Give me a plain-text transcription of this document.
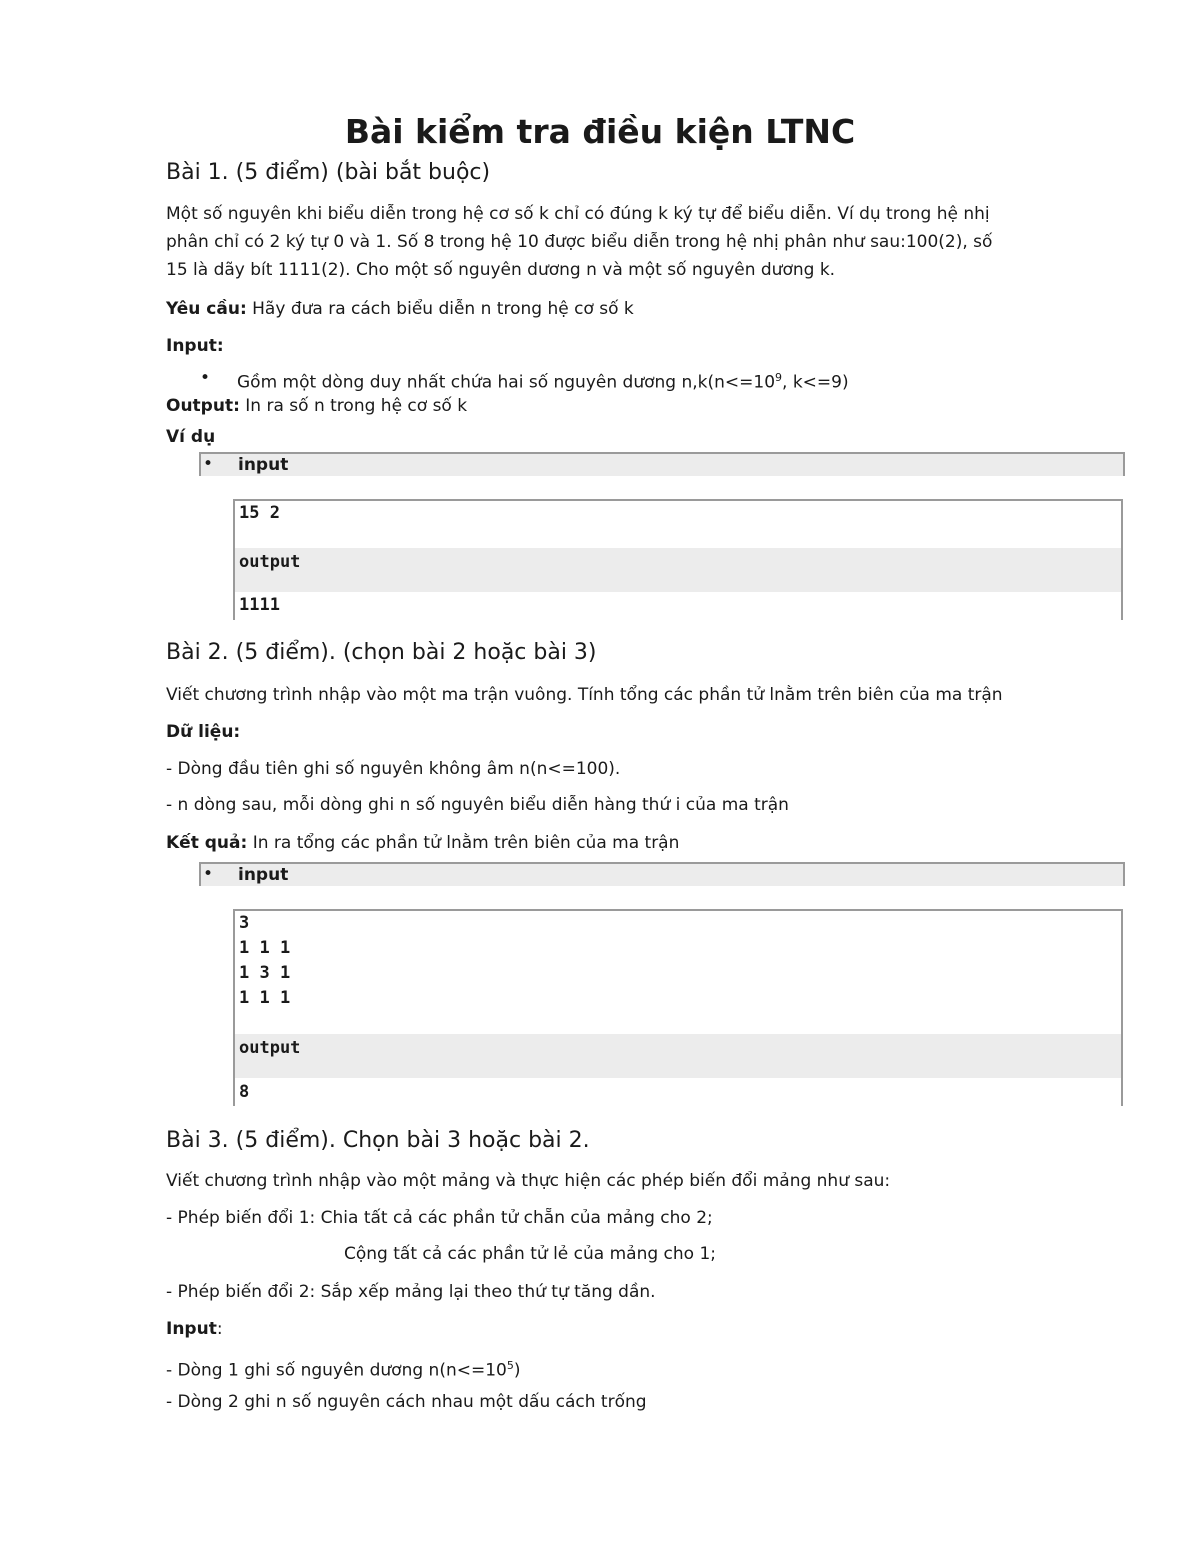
Bài kiểm tra điều kiện LTNC
Bài 1. (5 điểm) (bài bắt buộc)
Một số nguyên khi biểu diễn trong hệ cơ số k chỉ có đúng k ký tự để biểu diễn. Ví dụ trong hệ nhị
phân chỉ có 2 ký tự 0 và 1. Số 8 trong hệ 10 được biểu diễn trong hệ nhị phân như sau:100(2), số
15 là dãy bít 1111(2). Cho một số nguyên dương n và một số nguyên dương k.
Yêu cầu: Hãy đưa ra cách biểu diễn n trong hệ cơ số k
Input:
• Gồm một dòng duy nhất chứa hai số nguyên dương $n,k(n<=10^9$, k<=9)
Output: In ra số n trong hệ cơ số k
Ví dụ
• input
15 2
output
1111
Bài 2. (5 điểm). (chọn bài 2 hoặc bài 3)
Viết chương trình nhập vào một ma trận vuông. Tính tổng các phần tử lnằm trên biên của ma trận
Dữ liệu:
- Dòng đầu tiên ghi số nguyên không âm n(n<=100).
- n dòng sau, mỗi dòng ghi n số nguyên biểu diễn hàng thứ i của ma trận
Kết quả: In ra tổng các phần tử lnằm trên biên của ma trận
• input
3
1 1 1
1 3 1
1 1 1
output
8
Bài 3. (5 điểm). Chọn bài 3 hoặc bài 2.
Viết chương trình nhập vào một mảng và thực hiện các phép biến đổi mảng như sau:
- Phép biến đổi 1: Chia tất cả các phần tử chẵn của mảng cho 2;
Cộng tất cả các phần tử lẻ của mảng cho 1;
- Phép biến đổi 2: Sắp xếp mảng lại theo thứ tự tăng dần.
Input:
- Dòng 1 ghi số nguyên dương $n(n<=10^5)$
- Dòng 2 ghi n số nguyên cách nhau một dấu cách trống
